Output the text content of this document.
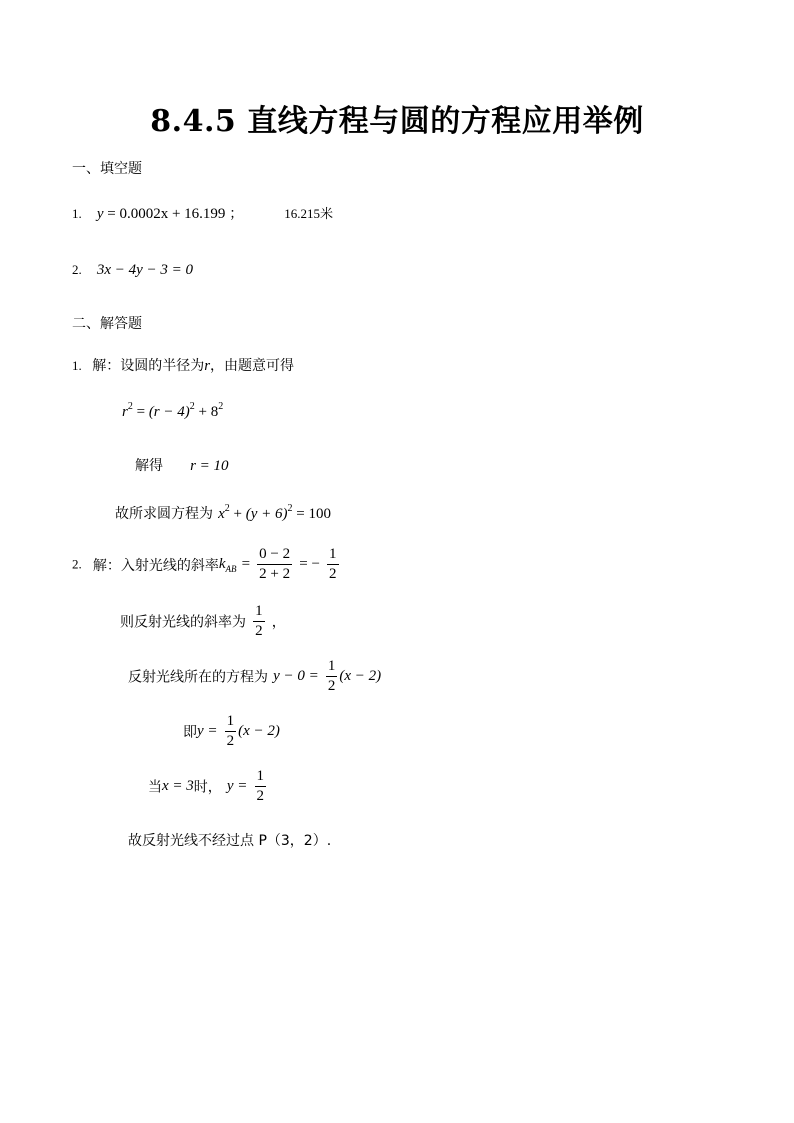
8.4.5 直线方程与圆的方程应用举例
一、填空题
1. y = 0.0002x + 16.199 ；	16.215米
2. 3x − 4y − 3 = 0
二、解答题
1. 解：设圆的半径为r，由题意可得
$r^2 = (r - 4)^2 + 8^2$
解得 r = 10
故所求圆方程为 $x^2 + (y + 6)^2 = 100$
2. 解：入射光线的斜率$k_{AB} = \frac{0 - 2}{2 + 2}$ = − $\frac{1}{2}$
则反射光线的斜率为 $\frac{1}{2}$ ，
反射光线所在的方程为 $y - 0 = \frac{1}{2} (x - 2)$
即$y = \frac{1}{2} (x - 2)$
当x = 3时， $y = \frac{1}{2}$
故反射光线不经过点 P（3，2）.
